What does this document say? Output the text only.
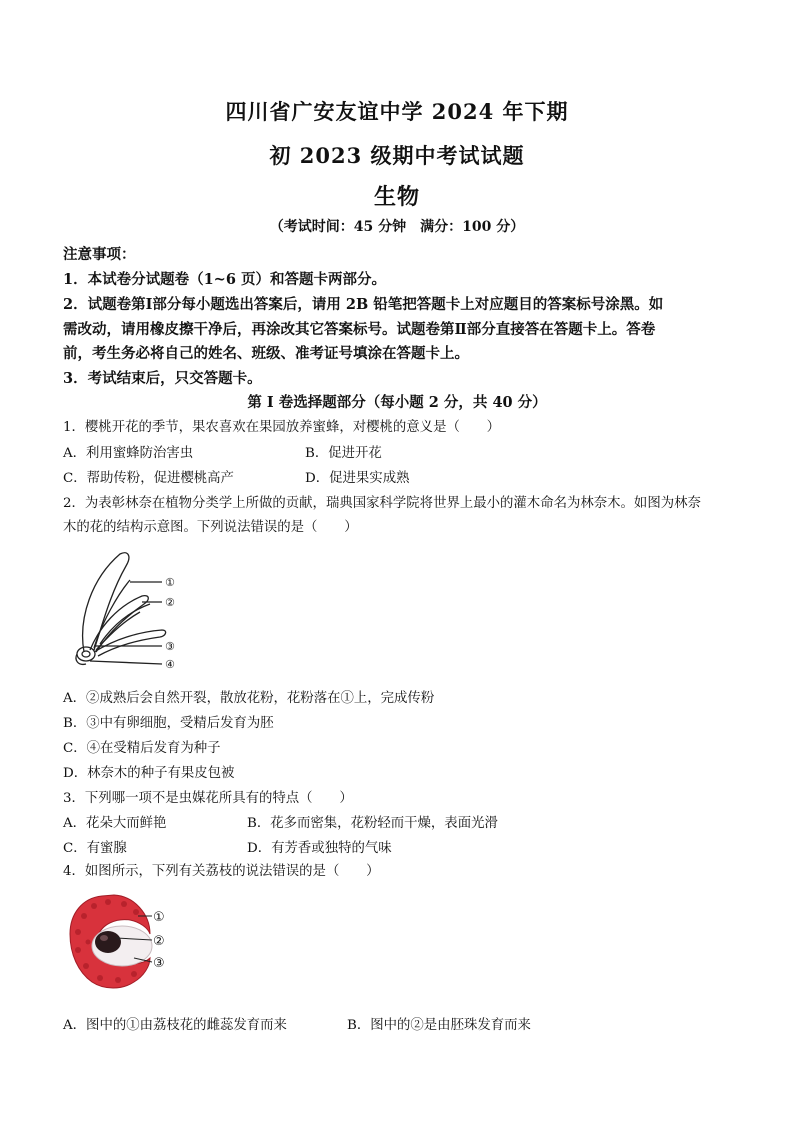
四川省广安友谊中学 2024 年下期
初 2023 级期中考试试题
生物
（考试时间：45 分钟　满分：100 分）
注意事项：
1．本试卷分试题卷（1~6 页）和答题卡两部分。
2．试题卷第Ⅰ部分每小题选出答案后，请用 2B 铅笔把答题卡上对应题目的答案标号涂黑。如
需改动，请用橡皮擦干净后，再涂改其它答案标号。试题卷第Ⅱ部分直接答在答题卡上。答卷
前，考生务必将自己的姓名、班级、准考证号填涂在答题卡上。
3．考试结束后，只交答题卡。
第 I 卷选择题部分（每小题 2 分，共 40 分）
1．樱桃开花的季节，果农喜欢在果园放养蜜蜂，对樱桃的意义是（　　）
A．利用蜜蜂防治害虫	B．促进开花
C．帮助传粉，促进樱桃高产	D．促进果实成熟
2．为表彰林奈在植物分类学上所做的贡献，瑞典国家科学院将世界上最小的灌木命名为林奈木。如图为林奈
木的花的结构示意图。下列说法错误的是（　　）
①
②
③
④
A．②成熟后会自然开裂，散放花粉，花粉落在①上，完成传粉
B．③中有卵细胞，受精后发育为胚
C．④在受精后发育为种子
D．林奈木的种子有果皮包被
3．下列哪一项不是虫媒花所具有的特点（　　）
A．花朵大而鲜艳	B．花多而密集，花粉轻而干燥，表面光滑
C．有蜜腺	D．有芳香或独特的气味
4．如图所示，下列有关荔枝的说法错误的是（　　）
①
②
③
A．图中的①由荔枝花的雌蕊发育而来	B．图中的②是由胚珠发育而来
